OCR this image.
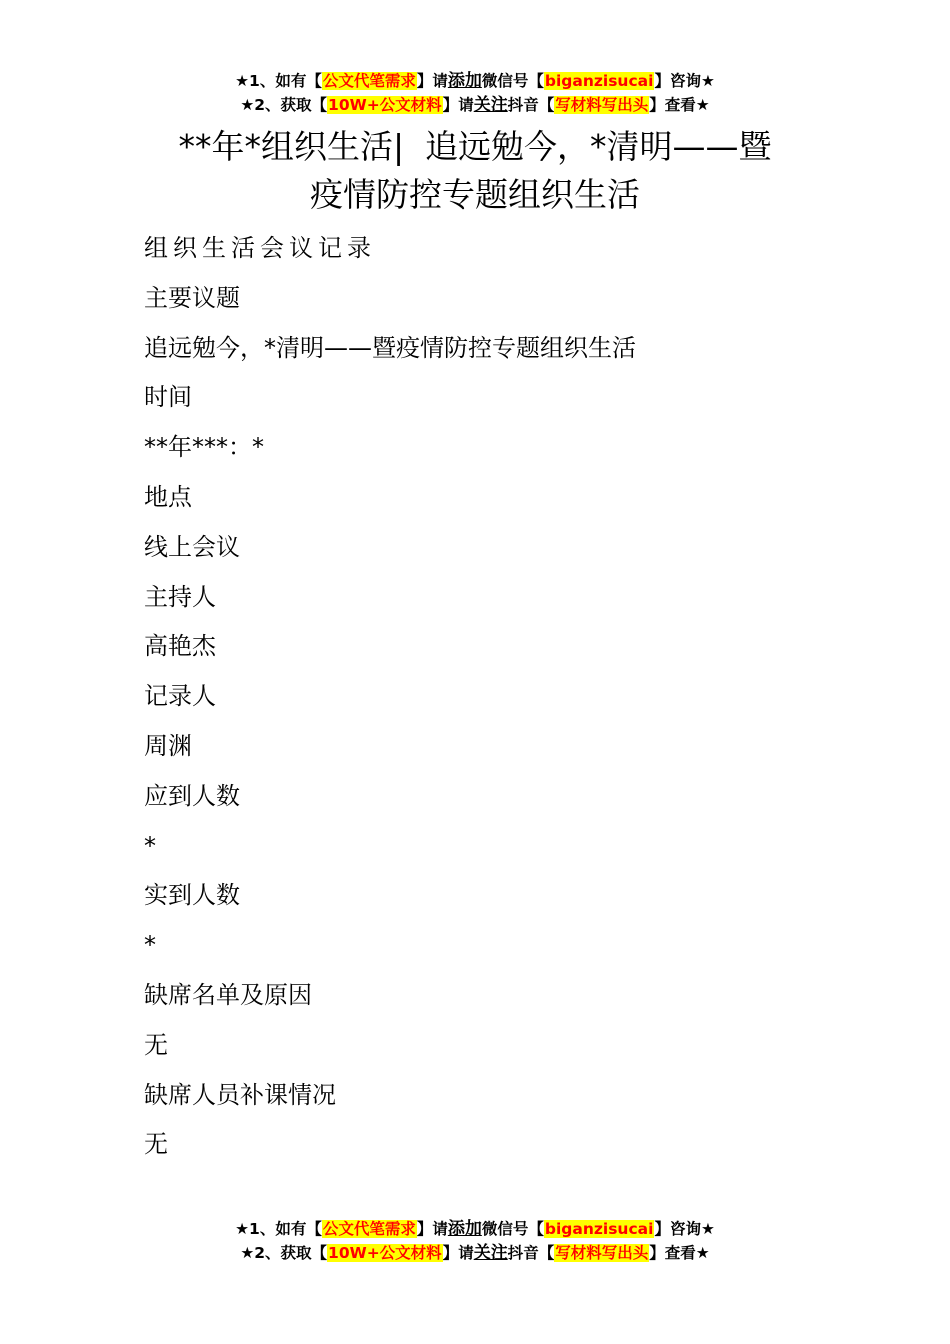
★1、如有【公文代笔需求】请添加微信号【biganzisucai】咨询★
★2、获取【10W+公文材料】请关注抖音【写材料写出头】查看★
**年*组织生活|  追远勉今，*清明——暨
疫情防控专题组织生活
组织生活会议记录
主要议题
追远勉今，*清明——暨疫情防控专题组织生活
时间
**年***：*
地点
线上会议
主持人
高艳杰
记录人
周渊
应到人数
*
实到人数
*
缺席名单及原因
无
缺席人员补课情况
无
★1、如有【公文代笔需求】请添加微信号【biganzisucai】咨询★
★2、获取【10W+公文材料】请关注抖音【写材料写出头】查看★
